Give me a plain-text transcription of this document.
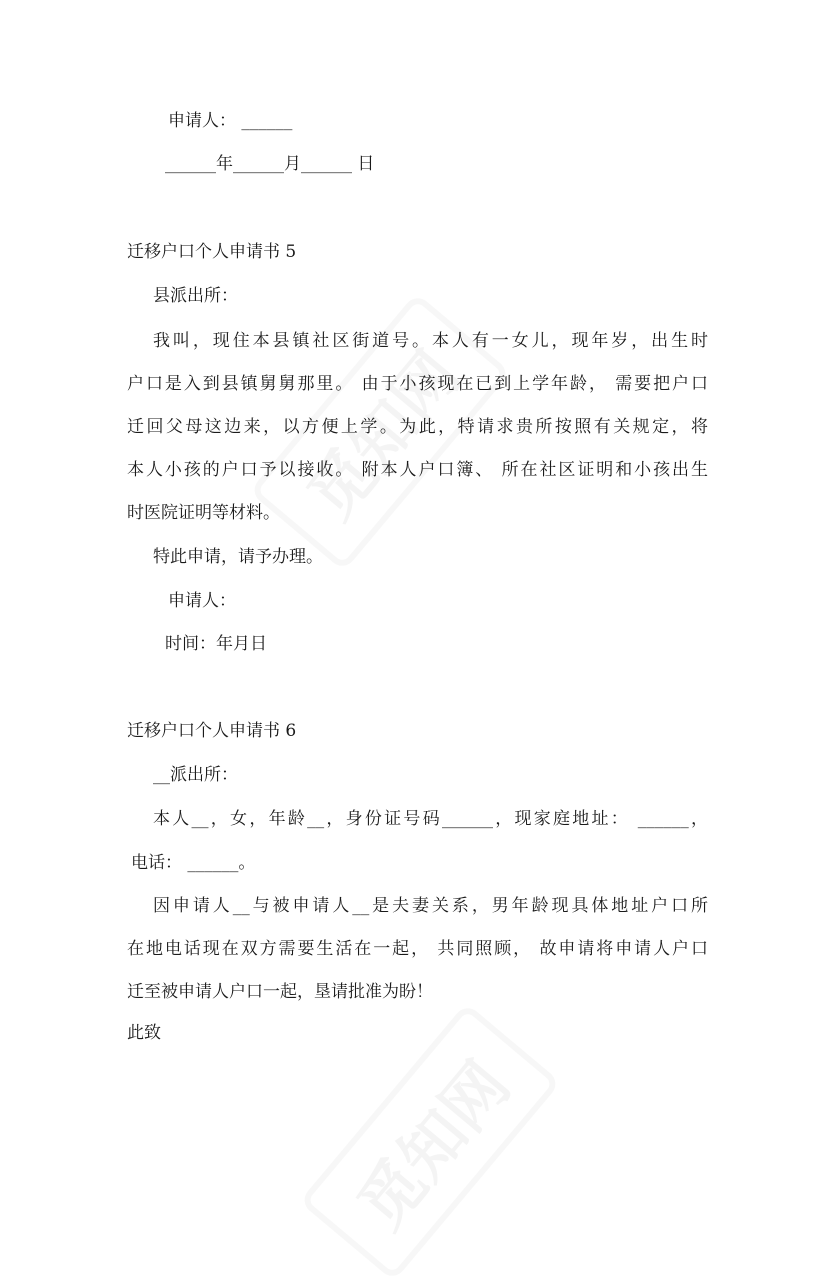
申请人： ______
______年______月______ 日
迁移户口个人申请书 5
县派出所：
我叫，现住本县镇社区街道号。本人有一女儿，现年岁，出生时
户口是入到县镇舅舅那里。 由于小孩现在已到上学年龄， 需要把户口
迁回父母这边来，以方便上学。为此，特请求贵所按照有关规定，将
本人小孩的户口予以接收。 附本人户口簿、 所在社区证明和小孩出生
时医院证明等材料。
特此申请，请予办理。
申请人：
时间：年月日
迁移户口个人申请书 6
__派出所：
本人__，女，年龄__，身份证号码______，现家庭地址： ______，
电话： ______。
因申请人__与被申请人__是夫妻关系，男年龄现具体地址户口所
在地电话现在双方需要生活在一起， 共同照顾， 故申请将申请人户口
迁至被申请人户口一起，垦请批准为盼！
此致
